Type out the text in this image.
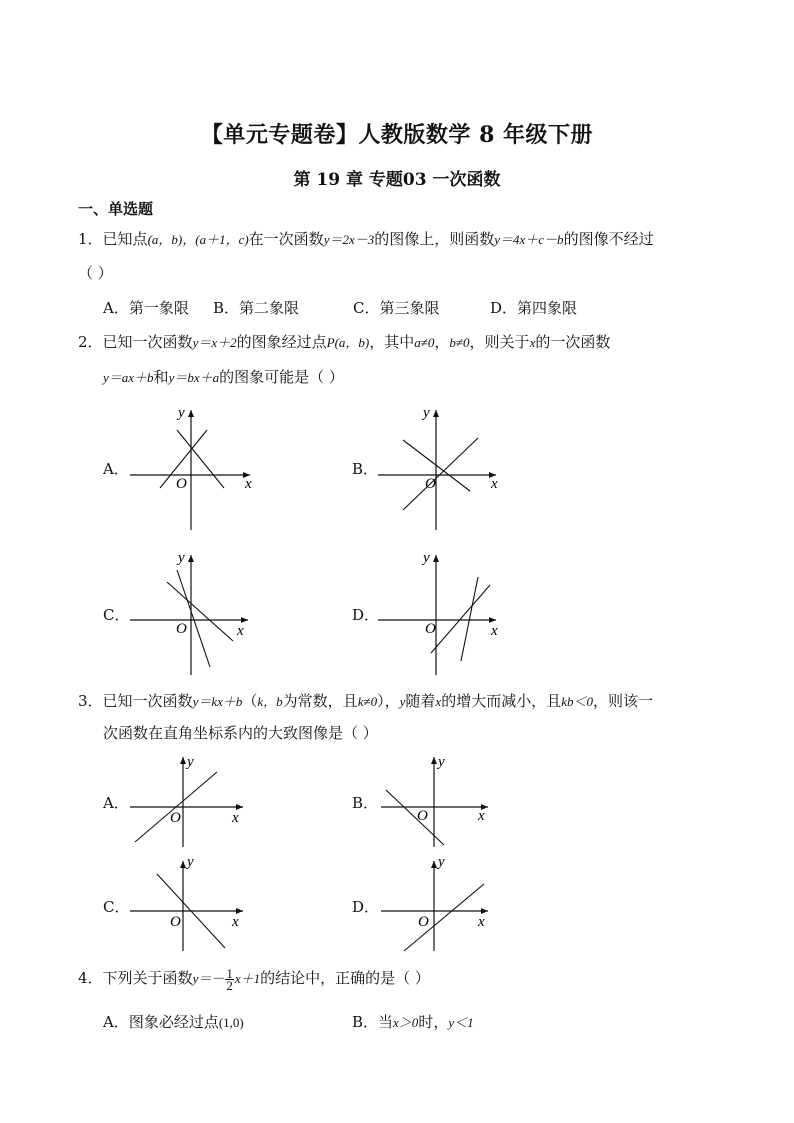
【单元专题卷】人教版数学 8 年级下册
第 19 章 专题03 一次函数
一、单选题
1．已知点(a，b)，(a＋1，c)在一次函数y＝2x－3的图像上，则函数y＝4x＋c－b的图像不经过
（ ）
A．第一象限 B．第二象限	C．第三象限	D．第四象限
2．已知一次函数y＝x＋2的图象经过点P(a，b)，其中a≠0，b≠0，则关于x的一次函数
y＝ax＋b和y＝bx＋a的图象可能是（ ）
A．	B．
C．	D．
x
y
O	x
y
O
x
y
O	x
y
O
3．已知一次函数y＝kx＋b（k，b为常数，且k≠0），y随着x的增大而减小，且kb＜0，则该一
次函数在直角坐标系内的大致图像是（ ）
A．	B．
C．	D．
x
y
O	x
y
O
x
y
O	x
y
O
4．下列关于函数$y=- \frac{1}{2} x+1$的结论中，正确的是（ ）
A．图象必经过点(1,0)	B．当x＞0时，y＜1
